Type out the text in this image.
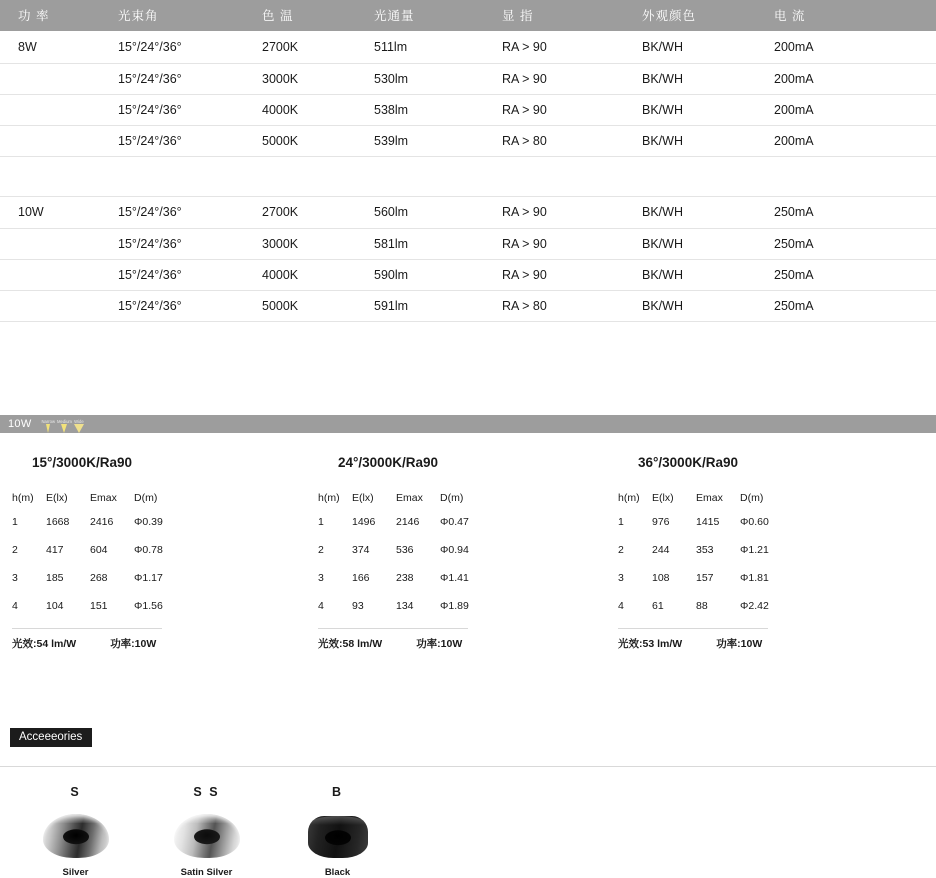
功 率	光束角	色 温	光通量	显 指	外观颜色	电 流
8W	15°/24°/36°	2700K	511lm	RA > 90	BK/WH	200mA
	15°/24°/36°	3000K	530lm	RA > 90	BK/WH	200mA
	15°/24°/36°	4000K	538lm	RA > 90	BK/WH	200mA
	15°/24°/36°	5000K	539lm	RA > 80	BK/WH	200mA

10W	15°/24°/36°	2700K	560lm	RA > 90	BK/WH	250mA
	15°/24°/36°	3000K	581lm	RA > 90	BK/WH	250mA
	15°/24°/36°	4000K	590lm	RA > 90	BK/WH	250mA
	15°/24°/36°	5000K	591lm	RA > 80	BK/WH	250mA

10W Narrow Medium Wide
15°/3000K/Ra90
h(m)	E(lx)	Emax	D(m)
1	1668	2416	Φ0.39
2	417	604	Φ0.78
3	185	268	Φ1.17
4	104	151	Φ1.56
光效:54 lm/W	功率:10W
24°/3000K/Ra90
h(m)	E(lx)	Emax	D(m)
1	1496	2146	Φ0.47
2	374	536	Φ0.94
3	166	238	Φ1.41
4	93	134	Φ1.89
光效:58 lm/W	功率:10W
36°/3000K/Ra90
h(m)	E(lx)	Emax	D(m)
1	976	1415	Φ0.60
2	244	353	Φ1.21
3	108	157	Φ1.81
4	61	88	Φ2.42
光效:53 lm/W	功率:10W
Acceeeories
S
Silver
S S
Satin Silver
B
Black
